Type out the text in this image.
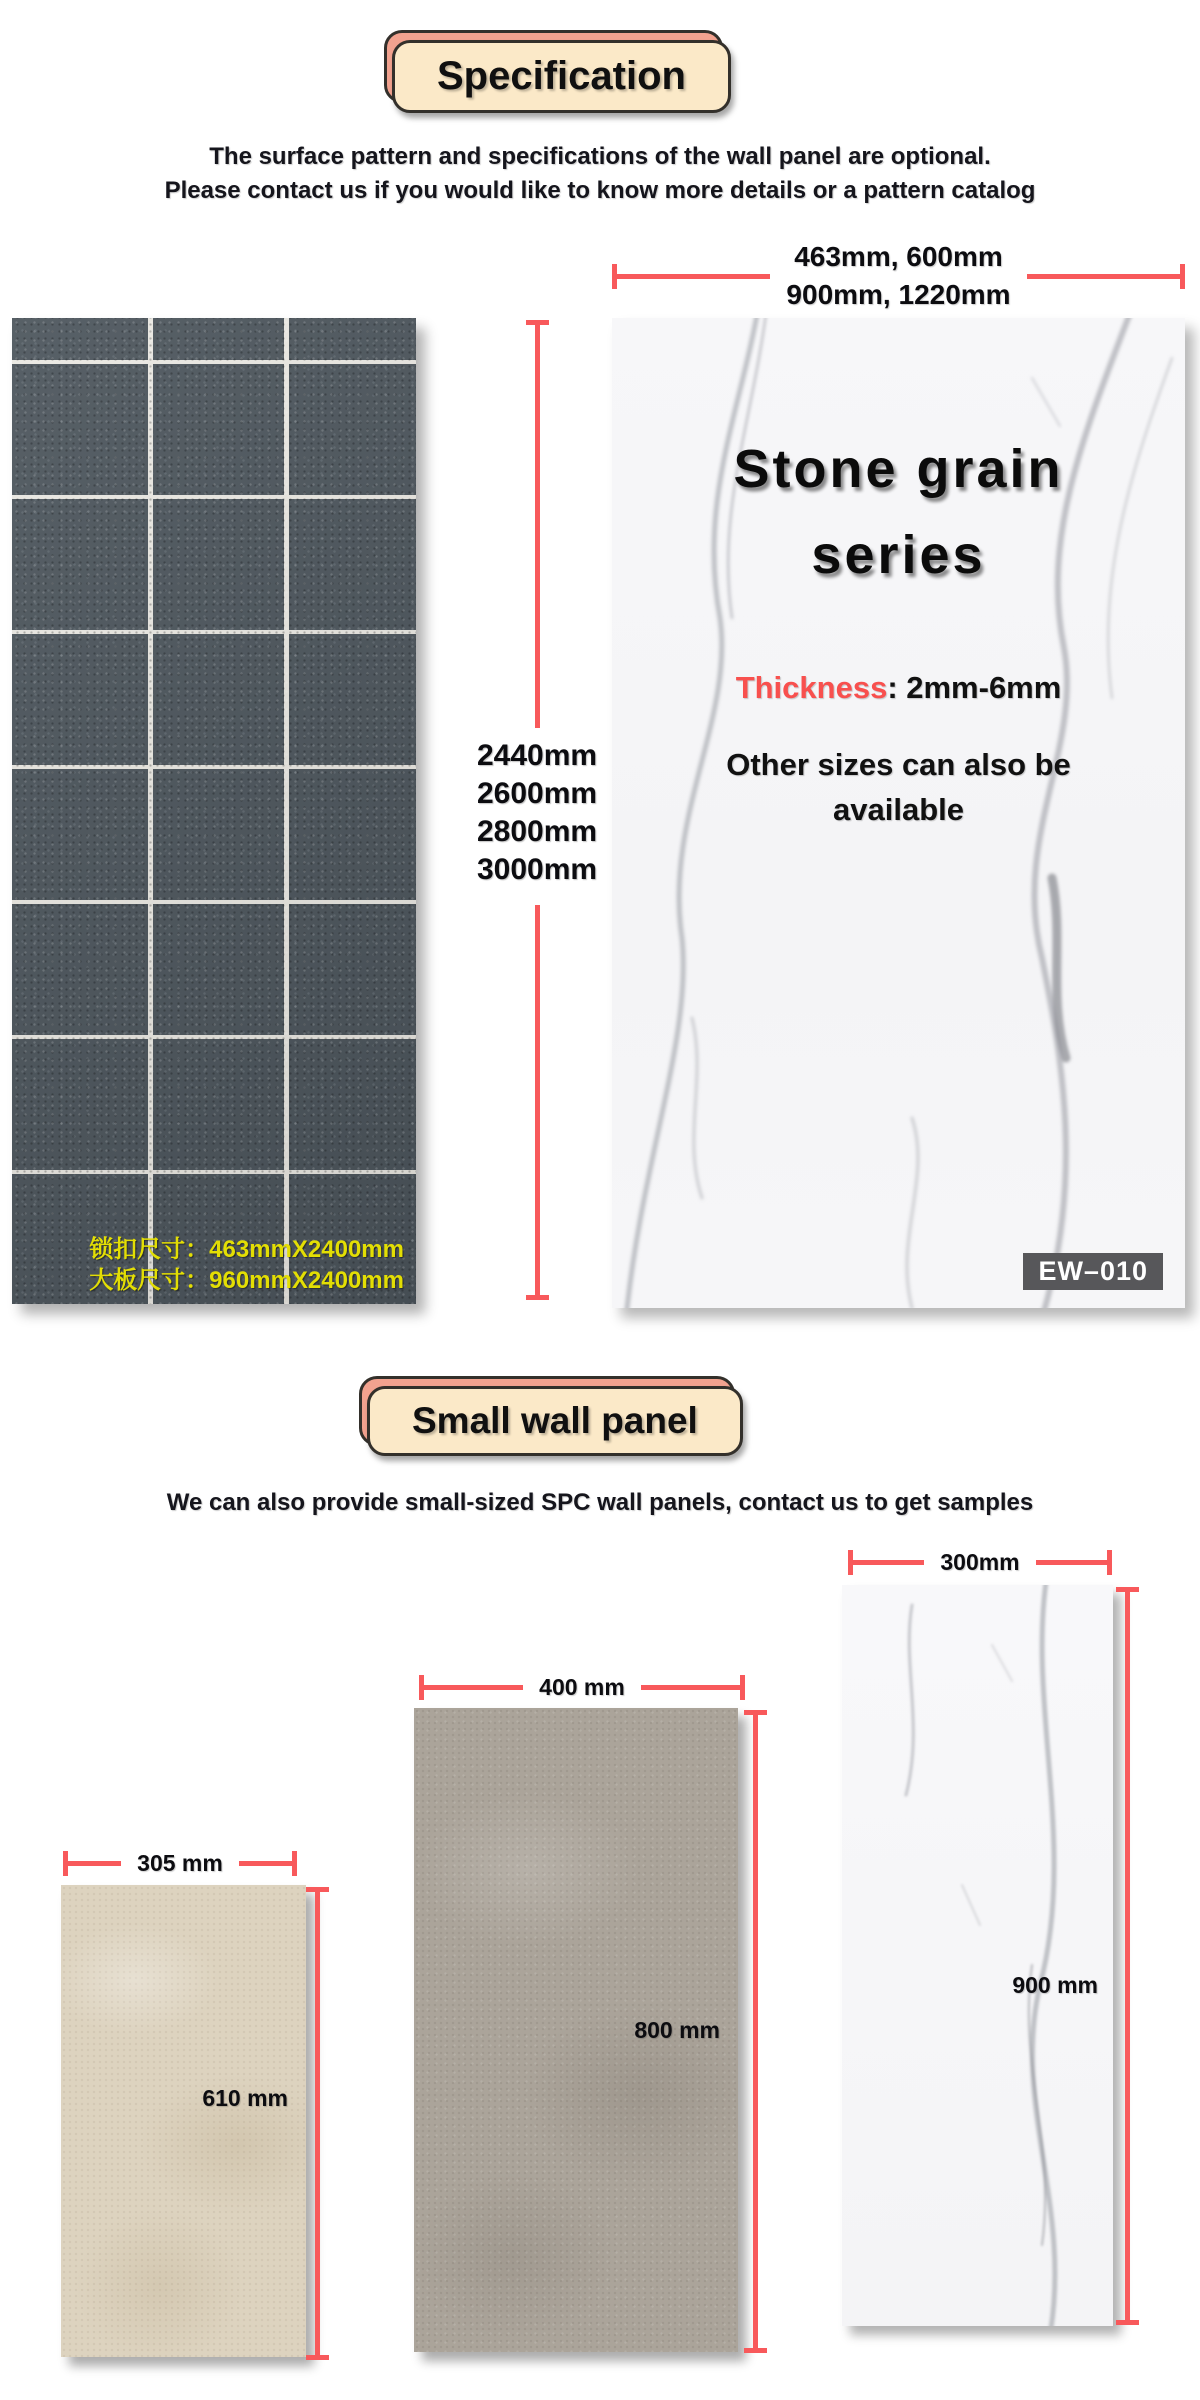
Specification
The surface pattern and specifications of the wall panel are optional.
Please contact us if you would like to know more details or a pattern catalog
463mm, 600mm
900mm, 1220mm
锁扣尺寸：463mmX2400mm
大板尺寸：960mmX2400mm
2440mm
2600mm
2800mm
3000mm
Stone grain
series
Thickness: 2mm-6mm
Other sizes can also be
available
EW–010
Small wall panel
We can also provide small-sized SPC wall panels, contact us to get samples
305 mm
610 mm
400 mm
800 mm
300mm
900 mm
